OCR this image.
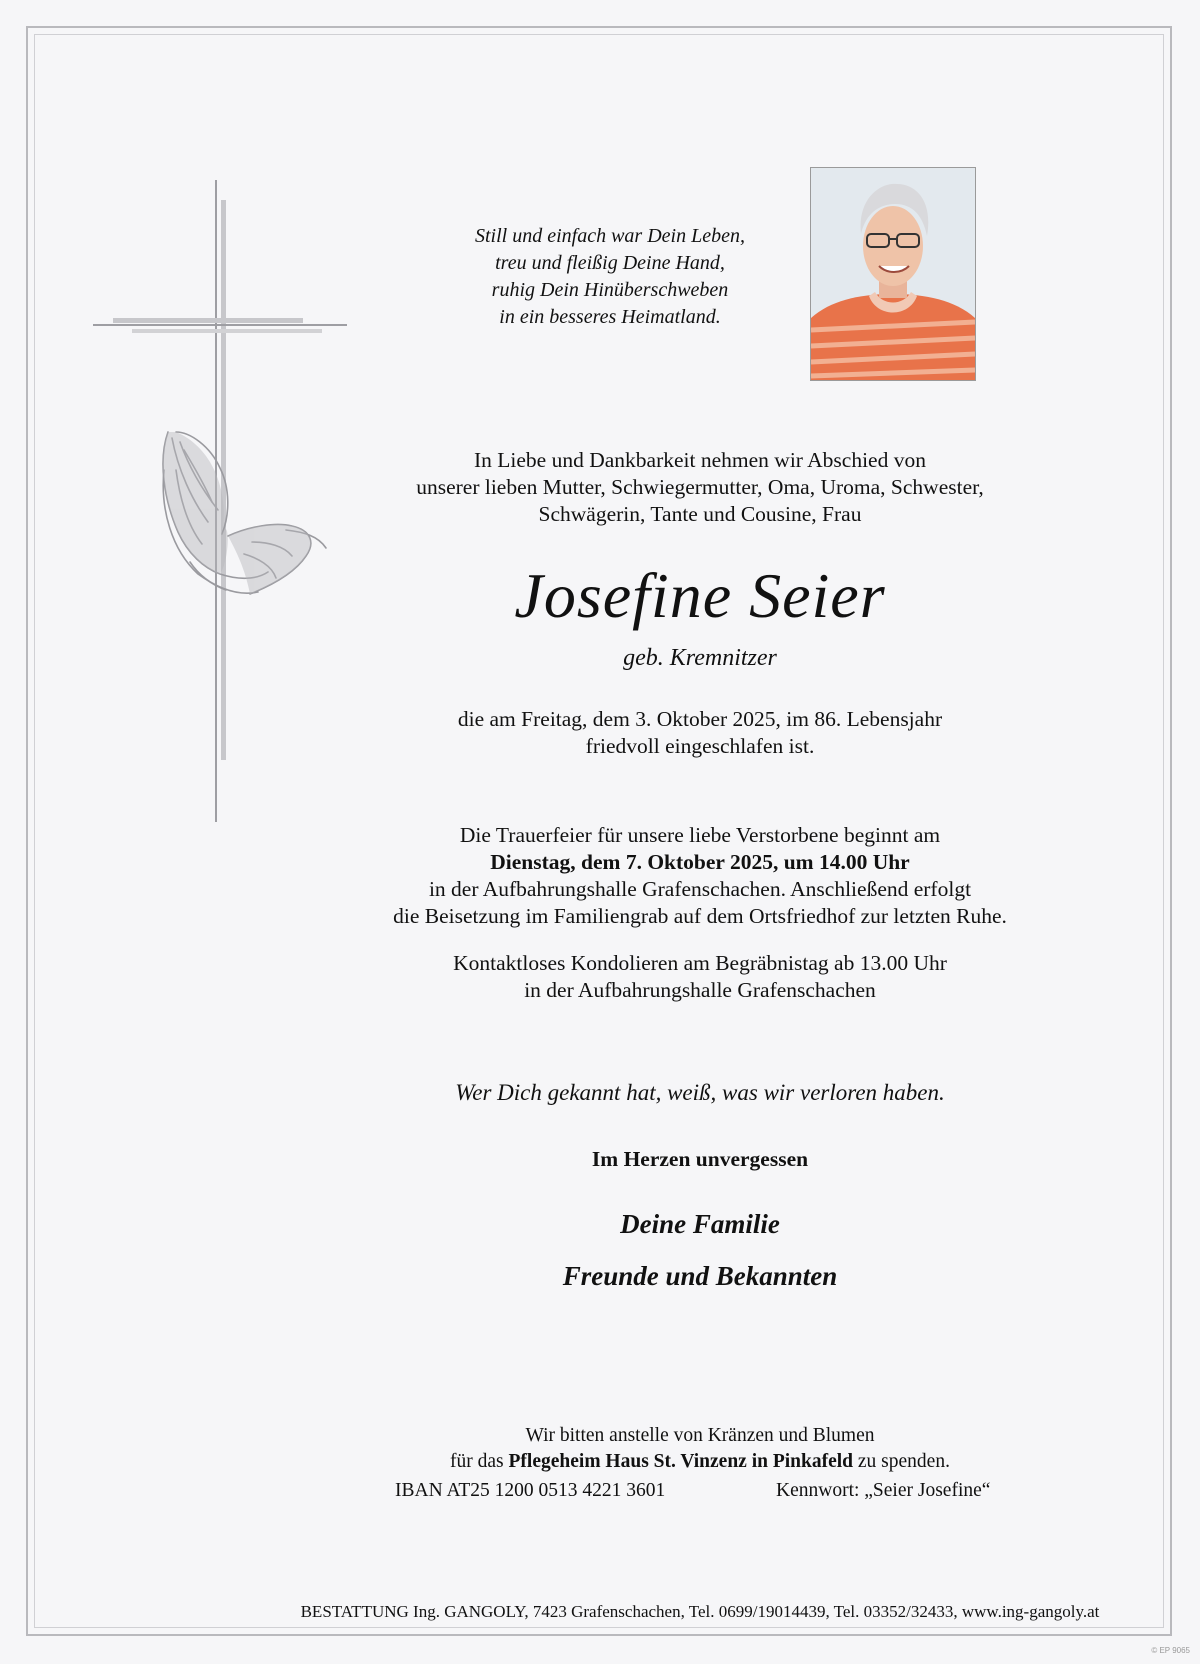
Still und einfach war Dein Leben,
treu und fleißig Deine Hand,
ruhig Dein Hinüberschweben
in ein besseres Heimatland.
In Liebe und Dankbarkeit nehmen wir Abschied von
unserer lieben Mutter, Schwiegermutter, Oma, Uroma, Schwester,
Schwägerin, Tante und Cousine, Frau
Josefine Seier
geb. Kremnitzer
die am Freitag, dem 3. Oktober 2025, im 86. Lebensjahr
friedvoll eingeschlafen ist.
Die Trauerfeier für unsere liebe Verstorbene beginnt am
Dienstag, dem 7. Oktober 2025, um 14.00 Uhr
in der Aufbahrungshalle Grafenschachen. Anschließend erfolgt
die Beisetzung im Familiengrab auf dem Ortsfriedhof zur letzten Ruhe.
Kontaktloses Kondolieren am Begräbnistag ab 13.00 Uhr
in der Aufbahrungshalle Grafenschachen
Wer Dich gekannt hat, weiß, was wir verloren haben.
Im Herzen unvergessen
Deine Familie
Freunde und Bekannten
Wir bitten anstelle von Kränzen und Blumen
für das Pflegeheim Haus St. Vinzenz in Pinkafeld zu spenden.
IBAN AT25 1200 0513 4221 3601	Kennwort: „Seier Josefine“
BESTATTUNG Ing. GANGOLY, 7423 Grafenschachen, Tel. 0699/19014439, Tel. 03352/32433, www.ing-gangoly.at
© EP 9065
